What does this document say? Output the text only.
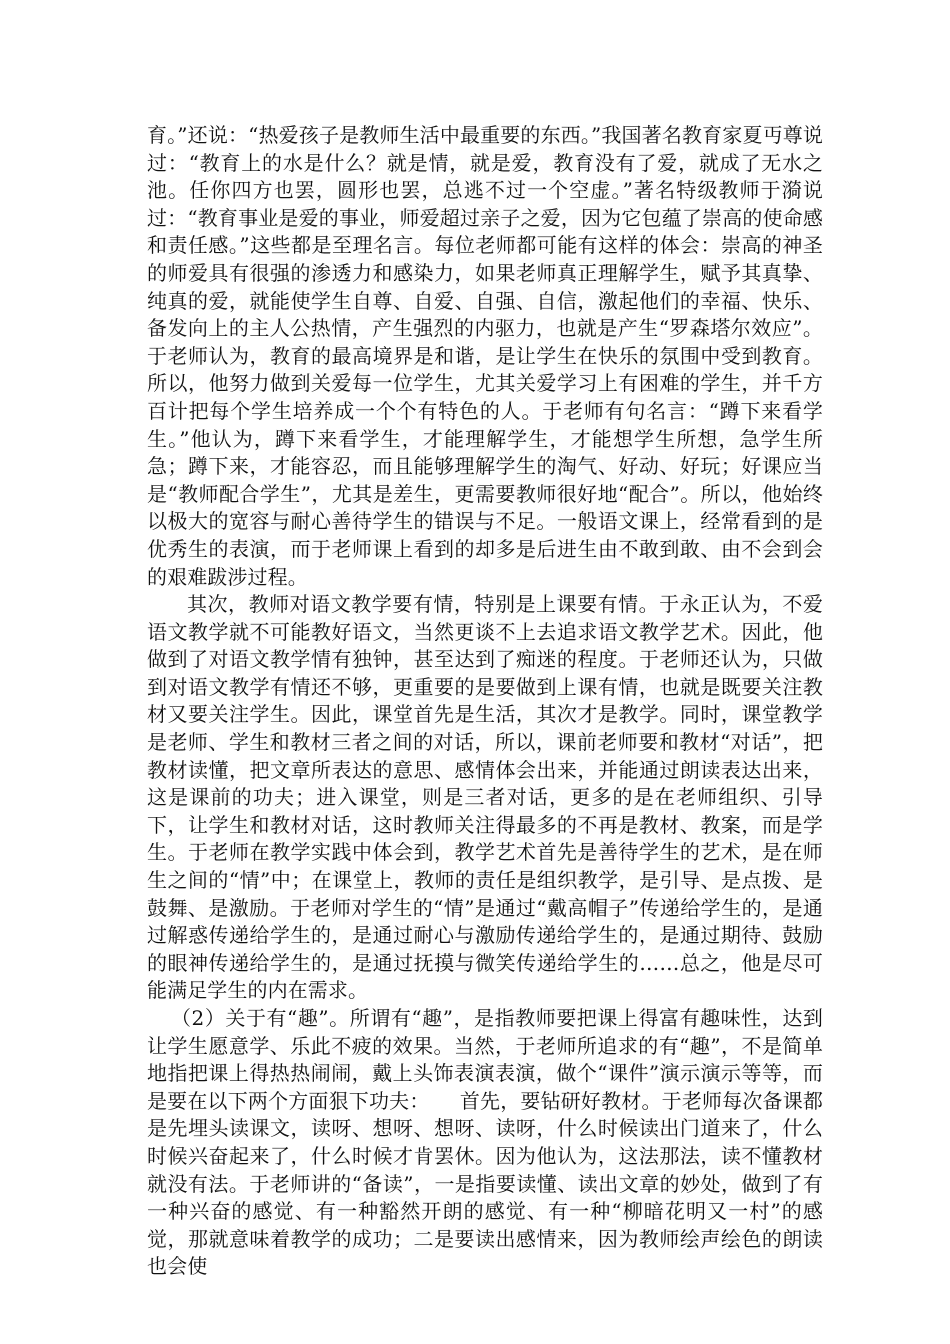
育。”还说：“热爱孩子是教师生活中最重要的东西。”我国著名教育家夏丏尊说过：“教育上的水是什么？就是情，就是爱，教育没有了爱，就成了无水之池。任你四方也罢，圆形也罢，总逃不过一个空虚。”著名特级教师于漪说过：“教育事业是爱的事业，师爱超过亲子之爱，因为它包蕴了崇高的使命感和责任感。”这些都是至理名言。每位老师都可能有这样的体会：崇高的神圣的师爱具有很强的渗透力和感染力，如果老师真正理解学生，赋予其真挚、纯真的爱，就能使学生自尊、自爱、自强、自信，激起他们的幸福、快乐、备发向上的主人公热情，产生强烈的内驱力，也就是产生“罗森塔尔效应”。于老师认为，教育的最高境界是和谐，是让学生在快乐的氛围中受到教育。所以，他努力做到关爱每一位学生，尤其关爱学习上有困难的学生，并千方百计把每个学生培养成一个个有特色的人。于老师有句名言：“蹲下来看学生。”他认为，蹲下来看学生，才能理解学生，才能想学生所想，急学生所急；蹲下来，才能容忍，而且能够理解学生的淘气、好动、好玩；好课应当是“教师配合学生”，尤其是差生，更需要教师很好地“配合”。所以，他始终以极大的宽容与耐心善待学生的错误与不足。一般语文课上，经常看到的是优秀生的表演，而于老师课上看到的却多是后进生由不敢到敢、由不会到会的艰难跋涉过程。

其次，教师对语文教学要有情，特别是上课要有情。于永正认为，不爱语文教学就不可能教好语文，当然更谈不上去追求语文教学艺术。因此，他做到了对语文教学情有独钟，甚至达到了痴迷的程度。于老师还认为，只做到对语文教学有情还不够，更重要的是要做到上课有情，也就是既要关注教材又要关注学生。因此，课堂首先是生活，其次才是教学。同时，课堂教学是老师、学生和教材三者之间的对话，所以，课前老师要和教材“对话”，把教材读懂，把文章所表达的意思、感情体会出来，并能通过朗读表达出来，这是课前的功夫；进入课堂，则是三者对话，更多的是在老师组织、引导下，让学生和教材对话，这时教师关注得最多的不再是教材、教案，而是学生。于老师在教学实践中体会到，教学艺术首先是善待学生的艺术，是在师生之间的“情”中；在课堂上，教师的责任是组织教学，是引导、是点拨、是鼓舞、是激励。于老师对学生的“情”是通过“戴高帽子”传递给学生的，是通过解惑传递给学生的，是通过耐心与激励传递给学生的，是通过期待、鼓励的眼神传递给学生的，是通过抚摸与微笑传递给学生的……总之，他是尽可能满足学生的内在需求。

（2）关于有“趣”。所谓有“趣”，是指教师要把课上得富有趣味性，达到让学生愿意学、乐此不疲的效果。当然，于老师所追求的有“趣”，不是简单地指把课上得热热闹闹，戴上头饰表演表演，做个“课件”演示演示等等，而是要在以下两个方面狠下功夫：　　首先，要钻研好教材。于老师每次备课都是先埋头读课文，读呀、想呀、想呀、读呀，什么时候读出门道来了，什么时候兴奋起来了，什么时候才肯罢休。因为他认为，这法那法，读不懂教材就没有法。于老师讲的“备读”，一是指要读懂、读出文章的妙处，做到了有一种兴奋的感觉、有一种豁然开朗的感觉、有一种“柳暗花明又一村”的感觉，那就意味着教学的成功；二是要读出感情来，因为教师绘声绘色的朗读也会使
